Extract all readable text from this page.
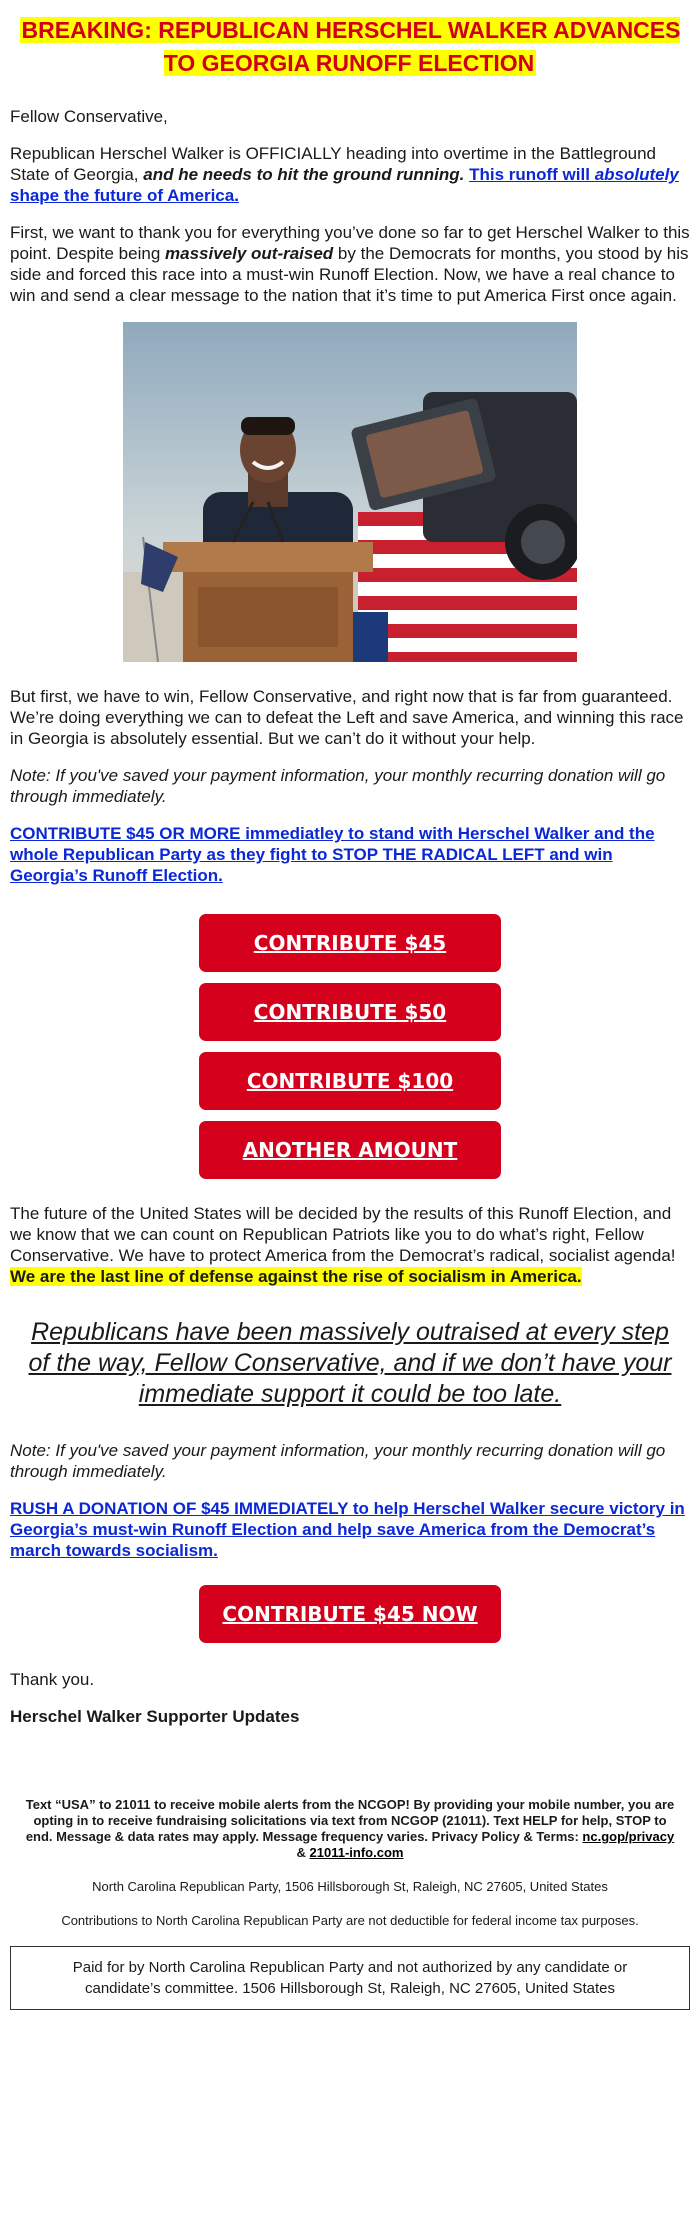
BREAKING: REPUBLICAN HERSCHEL WALKER ADVANCES TO GEORGIA RUNOFF ELECTION

Fellow Conservative,

Republican Herschel Walker is OFFICIALLY heading into overtime in the Battleground State of Georgia, and he needs to hit the ground running. This runoff will absolutely shape the future of America.

First, we want to thank you for everything you’ve done so far to get Herschel Walker to this point. Despite being massively out-raised by the Democrats for months, you stood by his side and forced this race into a must-win Runoff Election. Now, we have a real chance to win and send a clear message to the nation that it’s time to put America First once again.

But first, we have to win, Fellow Conservative, and right now that is far from guaranteed. We’re doing everything we can to defeat the Left and save America, and winning this race in Georgia is absolutely essential. But we can’t do it without your help.

Note: If you've saved your payment information, your monthly recurring donation will go through immediately.

CONTRIBUTE $45 OR MORE immediatley to stand with Herschel Walker and the whole Republican Party as they fight to STOP THE RADICAL LEFT and win Georgia’s Runoff Election.

CONTRIBUTE $45
CONTRIBUTE $50
CONTRIBUTE $100
ANOTHER AMOUNT

The future of the United States will be decided by the results of this Runoff Election, and we know that we can count on Republican Patriots like you to do what’s right, Fellow Conservative. We have to protect America from the Democrat’s radical, socialist agenda! We are the last line of defense against the rise of socialism in America.

Republicans have been massively outraised at every step of the way, Fellow Conservative, and if we don’t have your immediate support it could be too late.

Note: If you've saved your payment information, your monthly recurring donation will go through immediately.

RUSH A DONATION OF $45 IMMEDIATELY to help Herschel Walker secure victory in Georgia’s must-win Runoff Election and help save America from the Democrat’s march towards socialism.

CONTRIBUTE $45 NOW

Thank you.

Herschel Walker Supporter Updates

Text “USA” to 21011 to receive mobile alerts from the NCGOP! By providing your mobile number, you are opting in to receive fundraising solicitations via text from NCGOP (21011). Text HELP for help, STOP to end. Message & data rates may apply. Message frequency varies. Privacy Policy & Terms: nc.gop/privacy & 21011-info.com
North Carolina Republican Party, 1506 Hillsborough St, Raleigh, NC 27605, United States
Contributions to North Carolina Republican Party are not deductible for federal income tax purposes.
Paid for by North Carolina Republican Party and not authorized by any candidate or candidate’s committee. 1506 Hillsborough St, Raleigh, NC 27605, United States
